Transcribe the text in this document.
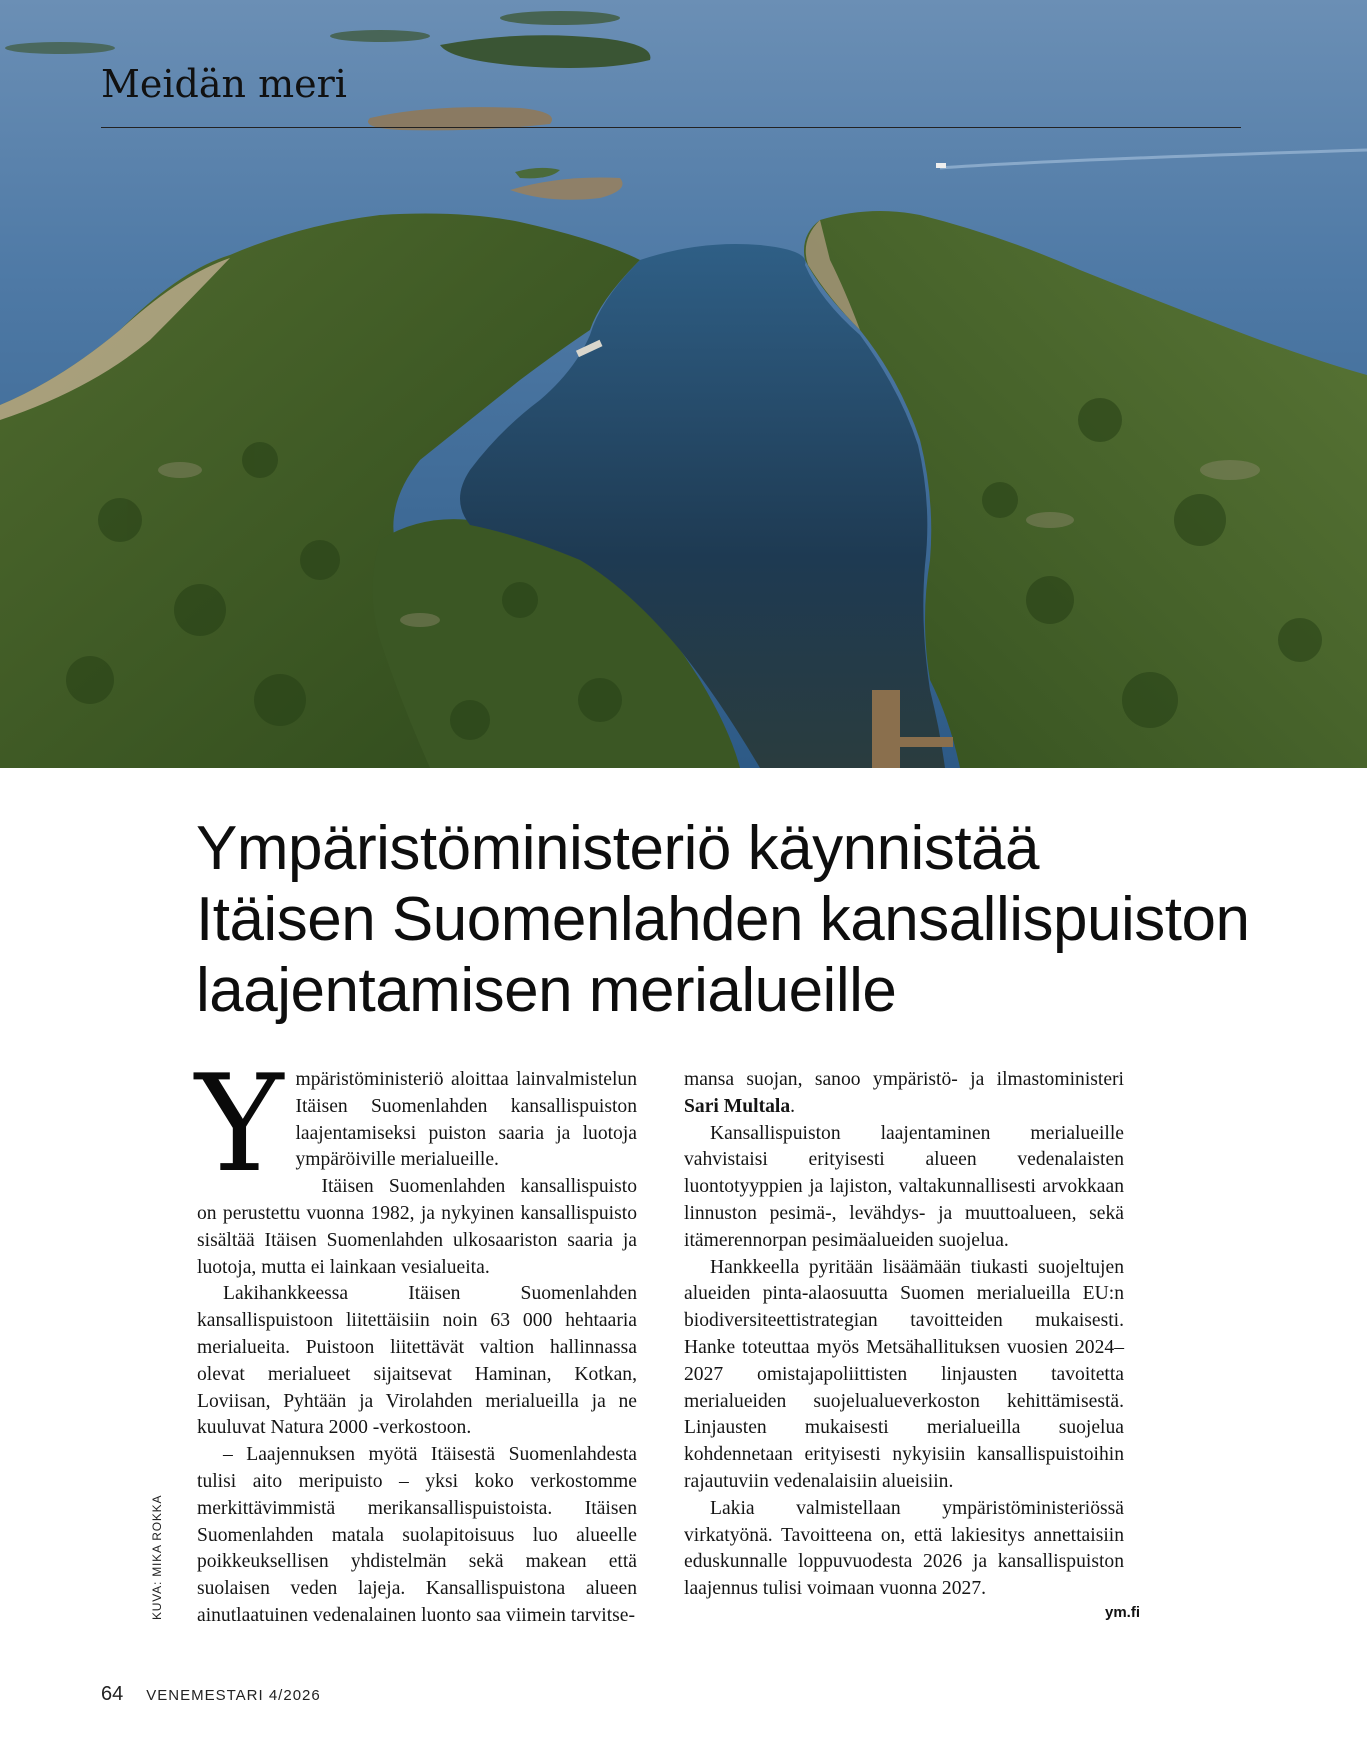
Meidän meri
Ympäristöministeriö käynnistää
Itäisen Suomenlahden kansallispuiston
laajentamisen merialueille
KUVA: MIKA ROKKA

Ympäristöministeriö aloittaa lainvalmistelun Itäisen Suomenlahden kansallispuiston laajentamiseksi puiston saaria ja luotoja ympäröiville merialueille.

Itäisen Suomenlahden kansallispuisto on perustettu vuonna 1982, ja nykyinen kansallispuisto sisältää Itäisen Suomenlahden ulkosaariston saaria ja luotoja, mutta ei lainkaan vesialueita.

Lakihankkeessa Itäisen Suomenlahden kansallispuistoon liitettäisiin noin 63 000 hehtaaria merialueita. Puistoon liitettävät valtion hallinnassa olevat merialueet sijaitsevat Haminan, Kotkan, Loviisan, Pyhtään ja Virolahden merialueilla ja ne kuuluvat Natura 2000 -verkostoon.

– Laajennuksen myötä Itäisestä Suomenlahdesta tulisi aito meripuisto – yksi koko verkostomme merkittävimmistä merikansallispuistoista. Itäisen Suomenlahden matala suolapitoisuus luo alueelle poikkeuksellisen yhdistelmän sekä makean että suolaisen veden lajeja. Kansallispuistona alueen ainutlaatuinen vedenalainen luonto saa viimein tarvitse-

mansa suojan, sanoo ympäristö- ja ilmastoministeri Sari Multala.

Kansallispuiston laajentaminen merialueille vahvistaisi erityisesti alueen vedenalaisten luontotyyppien ja lajiston, valtakunnallisesti arvokkaan linnuston pesimä-, levähdys- ja muuttoalueen, sekä itämerennorpan pesimäalueiden suojelua.

Hankkeella pyritään lisäämään tiukasti suojeltujen alueiden pinta-alaosuutta Suomen merialueilla EU:n biodiversiteettistrategian tavoitteiden mukaisesti. Hanke toteuttaa myös Metsähallituksen vuosien 2024–2027 omistajapoliittisten linjausten tavoitetta merialueiden suojelualueverkoston kehittämisestä. Linjausten mukaisesti merialueilla suojelua kohdennetaan erityisesti nykyisiin kansallispuistoihin rajautuviin vedenalaisiin alueisiin.

Lakia valmistellaan ympäristöministeriössä virkatyönä. Tavoitteena on, että lakiesitys annettaisiin eduskunnalle loppuvuodesta 2026 ja kansallispuiston laajennus tulisi voimaan vuonna 2027.

ym.fi
64 VENEMESTARI 4/2026
